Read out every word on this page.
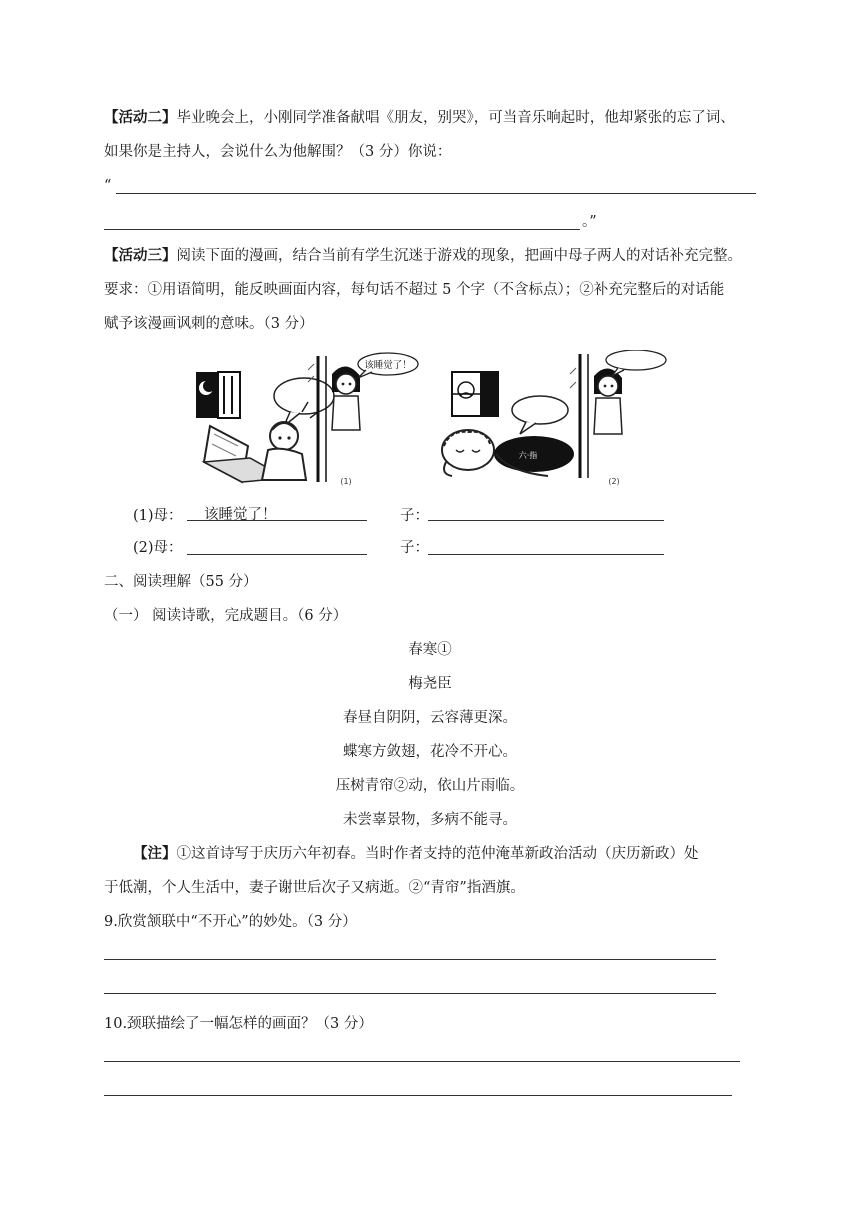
【活动二】毕业晚会上，小刚同学准备献唱《朋友，别哭》，可当音乐响起时，他却紧张的忘了词、
如果你是主持人，会说什么为他解围？（3 分）你说：
“
。”
【活动三】阅读下面的漫画，结合当前有学生沉迷于游戏的现象，把画中母子两人的对话补充完整。
要求：①用语简明，能反映画面内容，每句话不超过 5 个字（不含标点）；②补充完整后的对话能
赋予该漫画讽刺的意味。（3 分）
该睡觉了！
(1)
六·指
(2)
(1)母： 该睡觉了！	子：
(2)母：	子：
二、阅读理解（55 分）
（一） 阅读诗歌，完成题目。（6 分）
春寒①
梅尧臣
春昼自阴阴，云容薄更深。
蝶寒方敛翅，花冷不开心。
压树青帘②动，依山片雨临。
未尝辜景物，多病不能寻。
【注】①这首诗写于庆历六年初春。当时作者支持的范仲淹革新政治活动（庆历新政）处
于低潮，个人生活中，妻子谢世后次子又病逝。②“青帘”指酒旗。
9.欣赏颔联中“不开心”的妙处。（3 分）
10.颈联描绘了一幅怎样的画面？（3 分）
